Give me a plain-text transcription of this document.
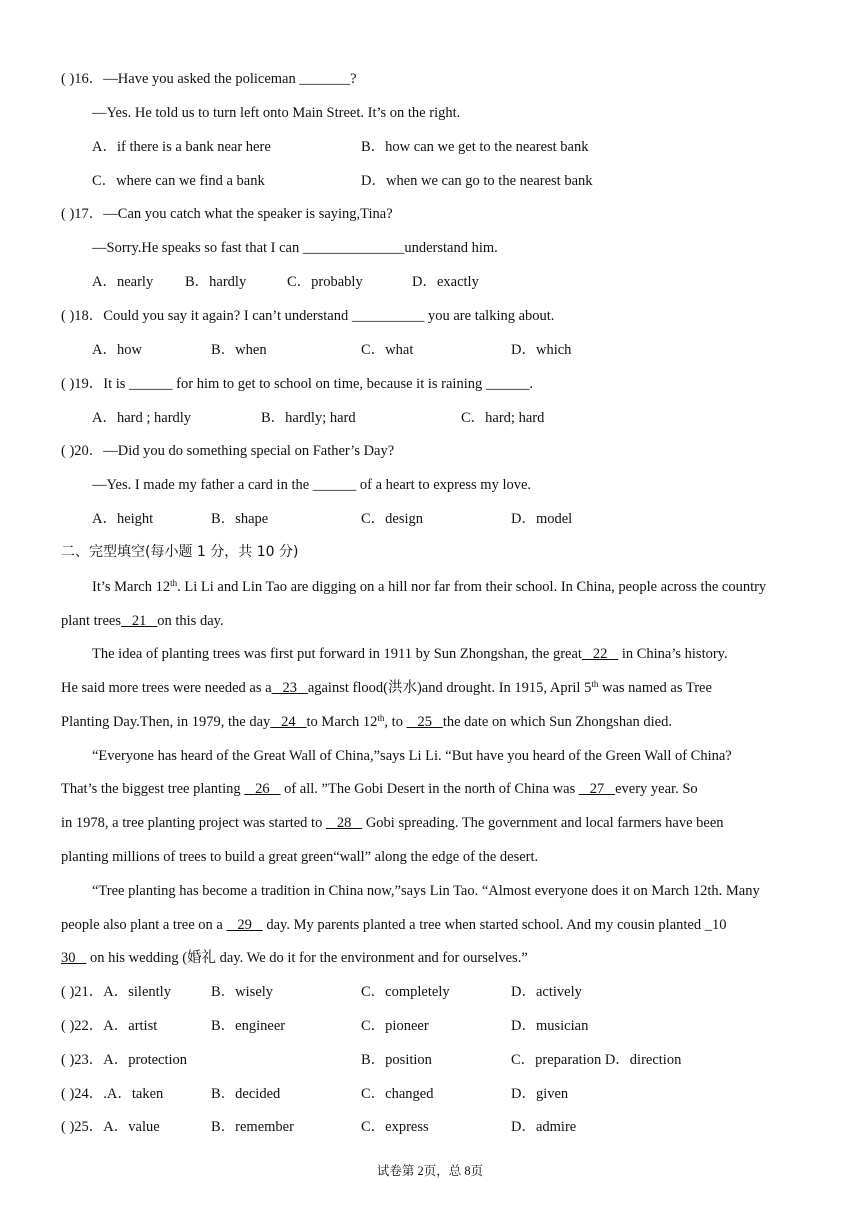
( )16．—Have you asked the policeman _______?
—Yes. He told us to turn left onto Main Street. It’s on the right.
A．if there is a bank near here	B．how can we get to the nearest bank
C．where can we find a bank	D．when we can go to the nearest bank
( )17．—Can you catch what the speaker is saying,Tina?
—Sorry.He speaks so fast that I can ______________understand him.
A．nearly B．hardly	C．probably	D．exactly
( )18．Could you say it again? I can’t understand __________ you are talking about.
A．how	B．when	C．what	D．which
( )19．It is ______ for him to get to school on time, because it is raining ______.
A．hard ; hardly	B．hardly; hard	C．hard; hard
( )20．—Did you do something special on Father’s Day?
—Yes. I made my father a card in the ______ of a heart to express my love.
A．height	B．shape	C．design	D．model
二、完型填空(每小题 1 分，共 10 分)
It’s March 12th. Li Li and Lin Tao are digging on a hill nor far from their school. In China, people across the country
plant trees   21   on this day.
The idea of planting trees was first put forward in 1911 by Sun Zhongshan, the great   22    in China’s history.
He said more trees were needed as a   23   against flood(洪水)and drought. In 1915, April 5th was named as Tree
Planting Day.Then, in 1979, the day   24   to March 12th, to    25   the date on which Sun Zhongshan died.
“Everyone has heard of the Great Wall of China,”says Li Li. “But have you heard of the Green Wall of China?
That’s the biggest tree planting    26    of all. ”The Gobi Desert in the north of China was    27   every year. So
in 1978, a tree planting project was started to    28    Gobi spreading. The government and local farmers have been
planting millions of trees to build a great green“wall” along the edge of the desert.
“Tree planting has become a tradition in China now,”says Lin Tao. “Almost everyone does it on March 12th. Many
people also plant a tree on a    29    day. My parents planted a tree when started school. And my cousin planted _10
30    on his wedding (婚礼 day. We do it for the environment and for ourselves.”
( )21．A．silently	B．wisely	C．completely	D．actively
( )22．A．artist	B．engineer	C．pioneer	D．musician
( )23．A．protection	B．position	C．preparation D．direction
( )24．.A．taken	B．decided	C．changed	D．given
( )25．A．value	B．remember	C．express	D．admire
试卷第 2页，总 8页
